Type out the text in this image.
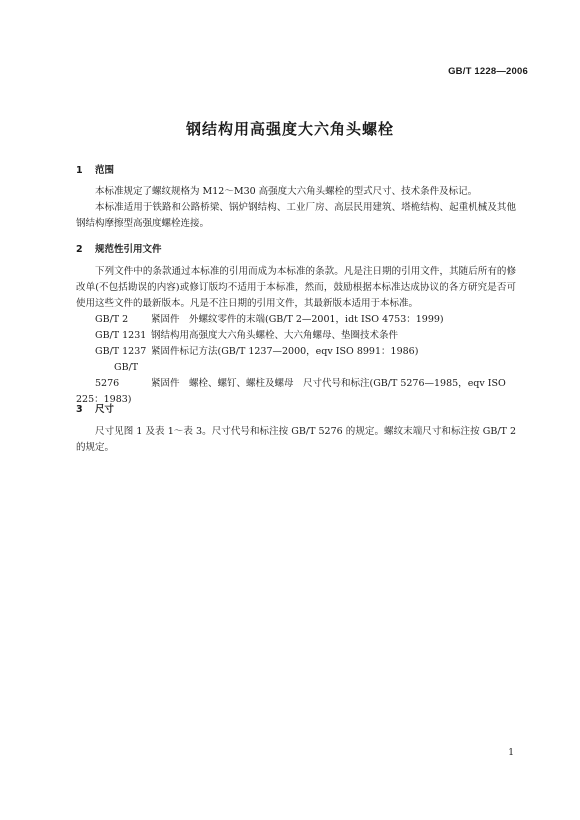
GB/T 1228—2006
钢结构用高强度大六角头螺栓
1 范围
本标准规定了螺纹规格为 M12～M30 高强度大六角头螺栓的型式尺寸、技术条件及标记。
本标准适用于铁路和公路桥梁、锅炉钢结构、工业厂房、高层民用建筑、塔桅结构、起重机械及其他钢结构摩擦型高强度螺栓连接。
2 规范性引用文件
下列文件中的条款通过本标准的引用而成为本标准的条款。凡是注日期的引用文件，其随后所有的修改单(不包括勘误的内容)或修订版均不适用于本标准，然而，鼓励根据本标准达成协议的各方研究是否可使用这些文件的最新版本。凡是不注日期的引用文件，其最新版本适用于本标准。
GB/T 2 紧固件　外螺纹零件的末端(GB/T 2—2001，idt ISO 4753：1999)
GB/T 1231 钢结构用高强度大六角头螺栓、大六角螺母、垫圈技术条件
GB/T 1237 紧固件标记方法(GB/T 1237—2000，eqv ISO 8991：1986)
GB/T 5276	紧固件　螺栓、螺钉、螺柱及螺母　尺寸代号和标注(GB/T 5276—1985，eqv ISO 225：1983)
3 尺寸
尺寸见图 1 及表 1～表 3。尺寸代号和标注按 GB/T 5276 的规定。螺纹末端尺寸和标注按 GB/T 2 的规定。
1
